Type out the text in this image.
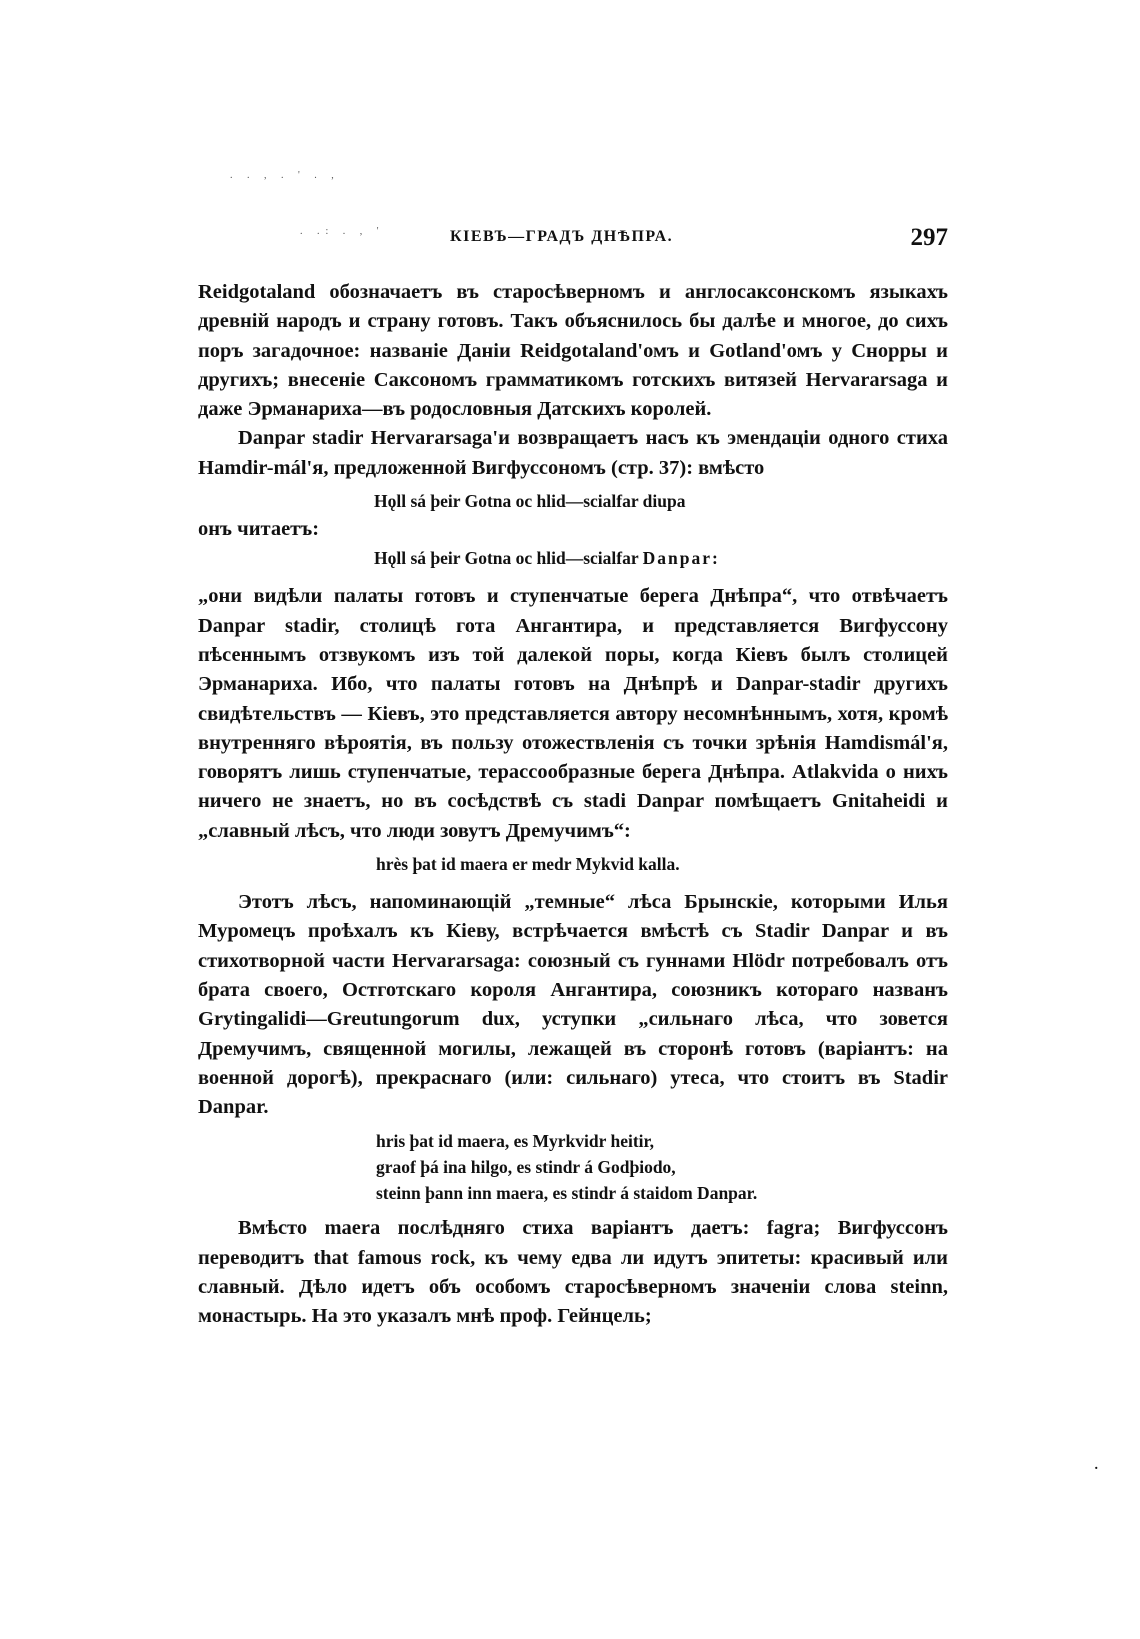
. . , . ' . ,
. .: . , '	КІЕВЪ—ГРАДЪ ДНѢПРА.	297

Reidgotaland обозначаетъ въ старосѣверномъ и англосаксонскомъ языкахъ древній народъ и страну готовъ. Такъ объяснилось бы далѣе и многое, до сихъ поръ загадочное: названіе Даніи Reidgotaland'омъ и Gotland'омъ у Снорры и другихъ; внесеніе Саксономъ грамматикомъ готскихъ витязей Hervararsaga и даже Эрманариха—въ родословныя Датскихъ королей.

Danpar stadir Hervararsaga'и возвращаетъ насъ къ эмендаціи одного стиха Hamdir-mál'я, предложенной Вигфуссономъ (стр. 37): вмѣсто

Hǫll sá þeir Gotna oc hlid—scialfar diupa

онъ читаетъ:

Hǫll sá þeir Gotna oc hlid—scialfar Danpar:

„они видѣли палаты готовъ и ступенчатые берега Днѣпра“, что отвѣчаетъ Danpar stadir, столицѣ гота Ангантира, и представляется Вигфуссону пѣсеннымъ отзвукомъ изъ той далекой поры, когда Кіевъ былъ столицей Эрманариха. Ибо, что палаты готовъ на Днѣпрѣ и Danpar-stadir другихъ свидѣтельствъ — Кіевъ, это представляется автору несомнѣннымъ, хотя, кромѣ внутренняго вѣроятія, въ пользу отожествленія съ точки зрѣнія Hamdismál'я, говорятъ лишь ступенчатые, терассообразные берега Днѣпра. Atlakvida о нихъ ничего не знаетъ, но въ сосѣдствѣ съ stadi Danpar помѣщаетъ Gnitaheidi и „славный лѣсъ, что люди зовутъ Дремучимъ“:

hrès þat id maera er medr Mykvid kalla.

Этотъ лѣсъ, напоминающій „темные“ лѣса Брынскіе, которыми Илья Муромецъ проѣхалъ къ Кіеву, встрѣчается вмѣстѣ съ Stadir Danpar и въ стихотворной части Hervararsaga: союзный съ гуннами Hlödr потребовалъ отъ брата своего, Остготскаго короля Ангантира, союзникъ котораго названъ Grytingalidi—Greutungorum dux, уступки „сильнаго лѣса, что зовется Дремучимъ, священной могилы, лежащей въ сторонѣ готовъ (варіантъ: на военной дорогѣ), прекраснаго (или: сильнаго) утеса, что стоитъ въ Stadir Danpar.

hris þat id maera, es Myrkvidr heitir,

graof þá ina hilgo, es stindr á Godþiodo,

steinn þann inn maera, es stindr á staidom Danpar.

Вмѣсто maera послѣдняго стиха варіантъ даетъ: fagra; Вигфуссонъ переводитъ that famous rock, къ чему едва ли идутъ эпитеты: красивый или славный. Дѣло идетъ объ особомъ старосѣверномъ значеніи слова steinn, монастырь. На это указалъ мнѣ проф. Гейнцель;

.
